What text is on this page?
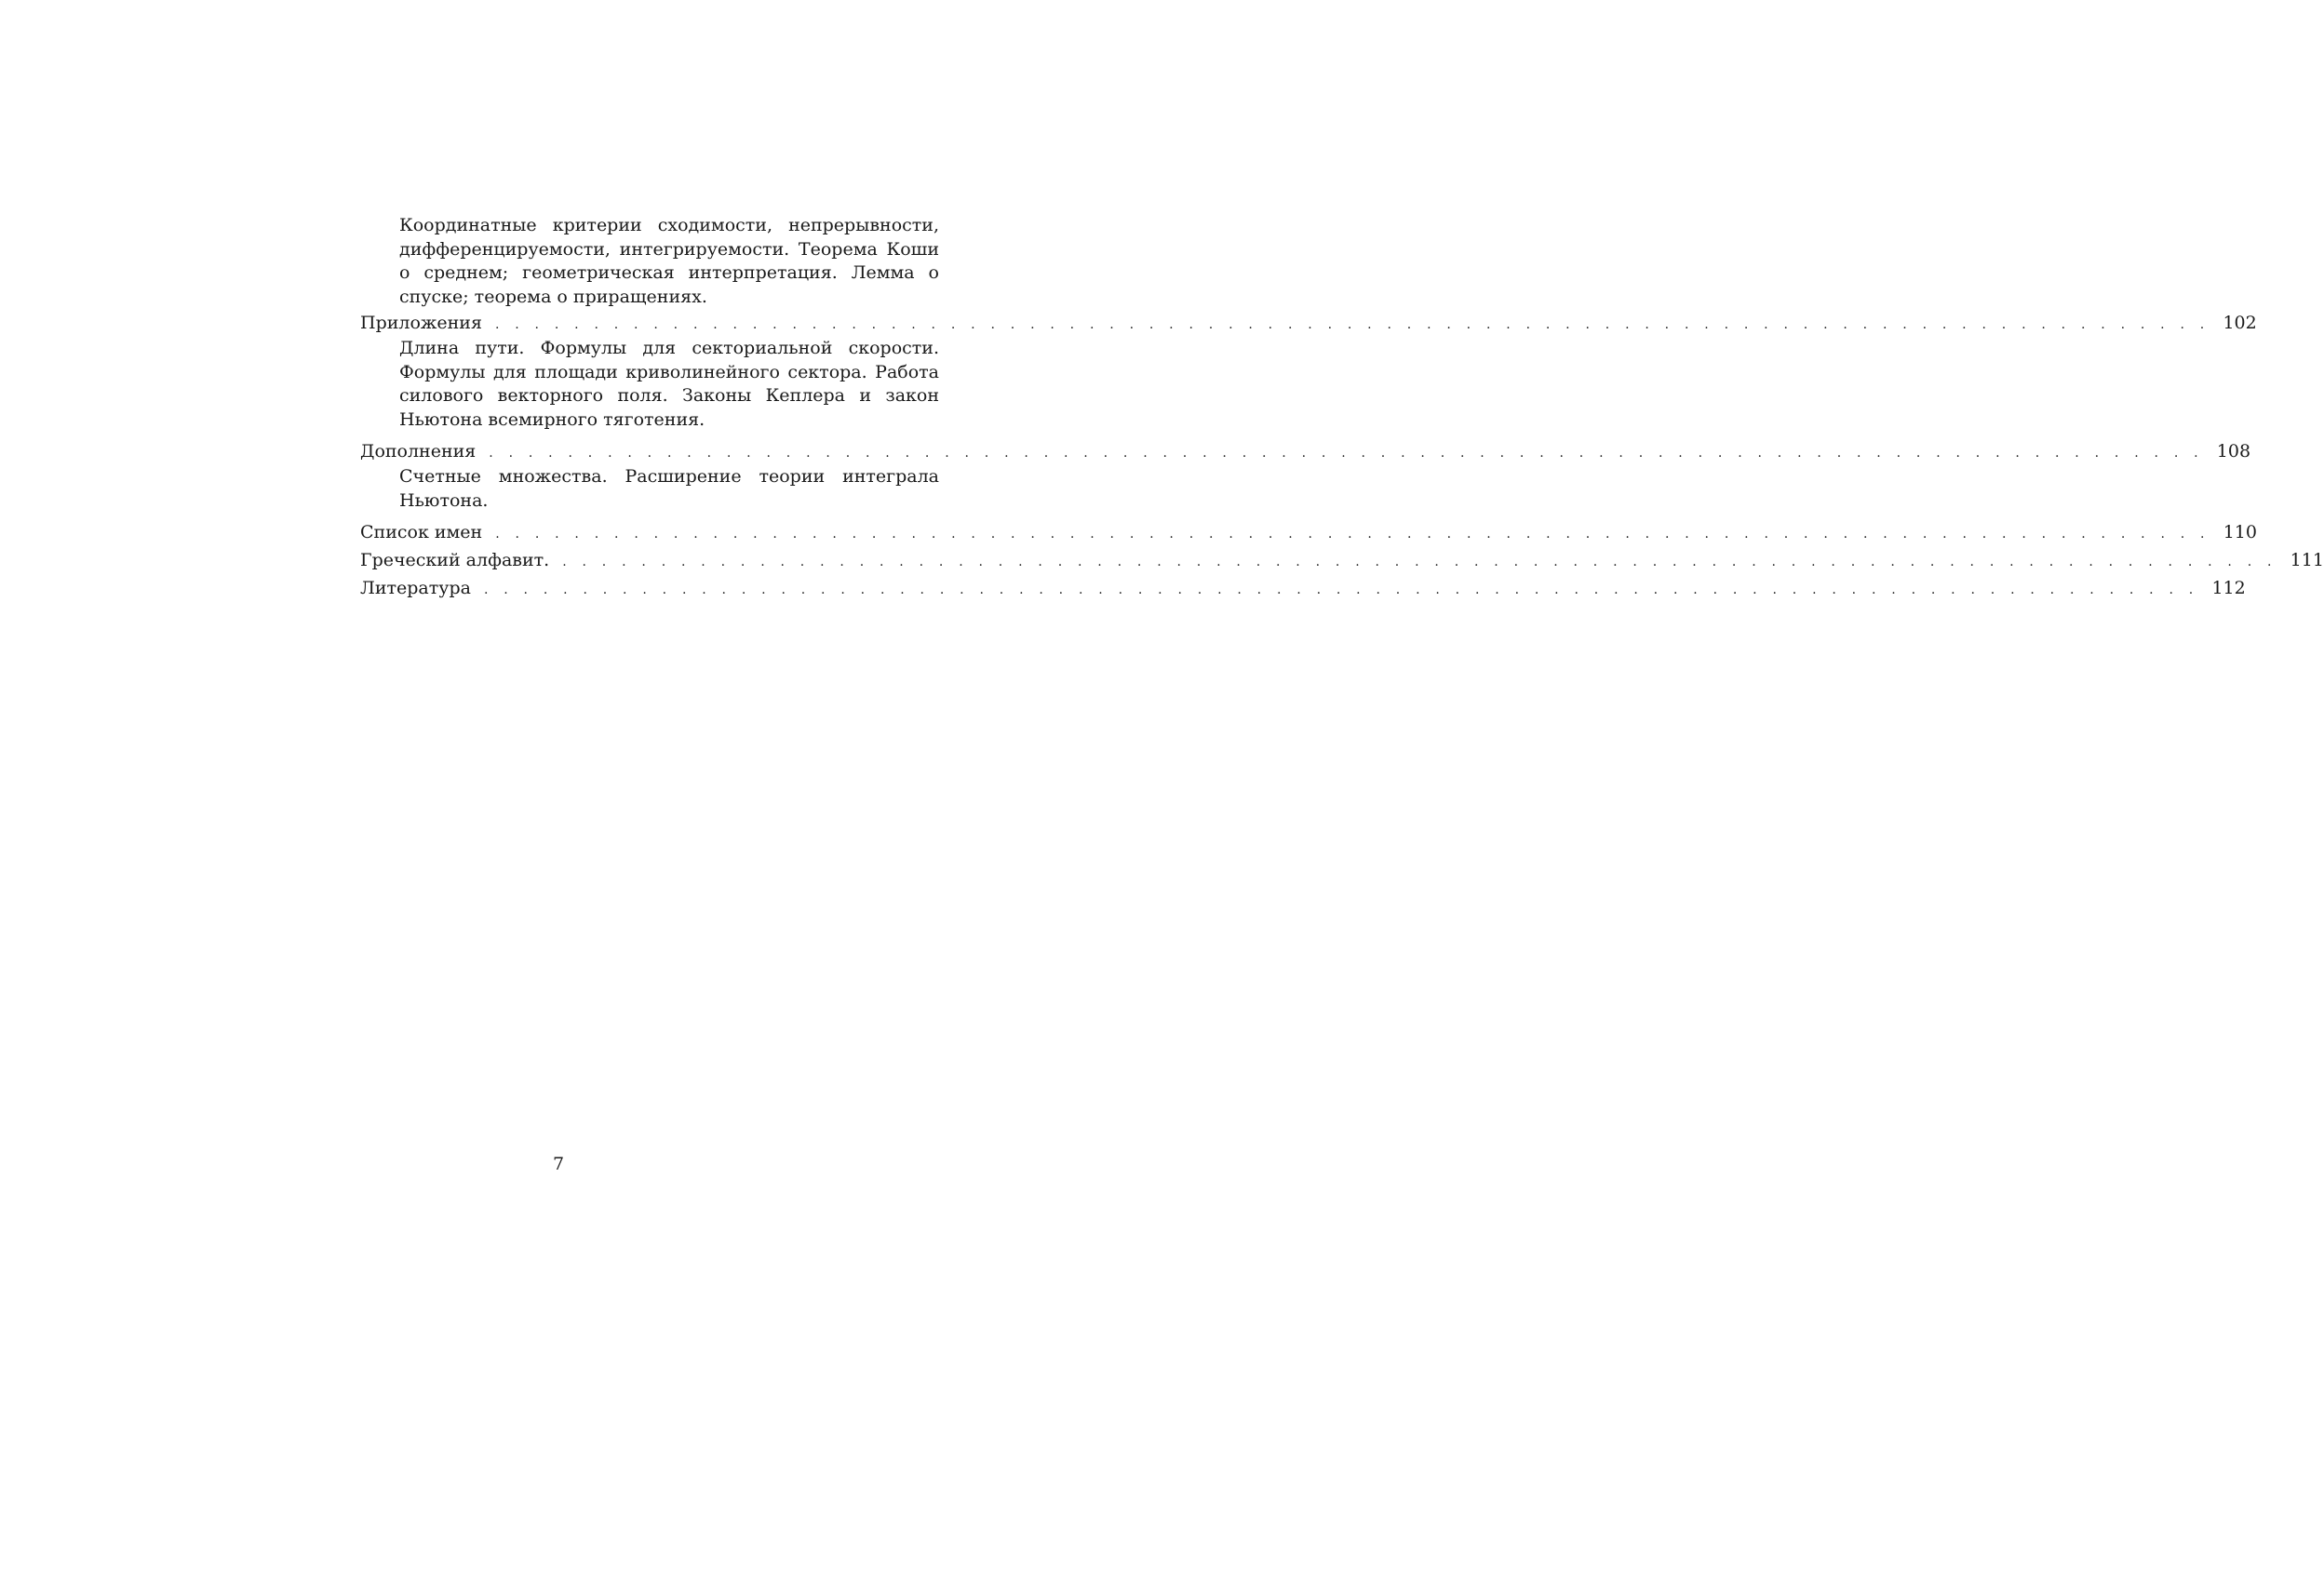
Координатные критерии сходимости, непрерывности, дифференцируемости, интегрируемости. Теорема Коши о среднем; геометрическая интерпретация. Лемма о спуске; теорема о приращениях.
Приложения	. . . . . . . . . . . . . . . . . . . . . . . . . . . . . . . . . . . . . . . . . . . . . . . . . . . . . . . . . . . . . . . . . . . . . . . . . . . . . . . . . . . . . . . 102
Длина пути. Формулы для секториальной скорости. Формулы для площади криволинейного сектора. Работа силового векторного поля. Законы Кеплера и закон Ньютона всемирного тяготения.
Дополнения	. . . . . . . . . . . . . . . . . . . . . . . . . . . . . . . . . . . . . . . . . . . . . . . . . . . . . . . . . . . . . . . . . . . . . . . . . . . . . . . . . . . . . . . 108
Счетные множества. Расширение теории интеграла Ньютона.
Список имен	. . . . . . . . . . . . . . . . . . . . . . . . . . . . . . . . . . . . . . . . . . . . . . . . . . . . . . . . . . . . . . . . . . . . . . . . . . . . . . . . . . . . . . . 110
Греческий алфавит.	. . . . . . . . . . . . . . . . . . . . . . . . . . . . . . . . . . . . . . . . . . . . . . . . . . . . . . . . . . . . . . . . . . . . . . . . . . . . . . . . . . . . . . . 111
Литература	. . . . . . . . . . . . . . . . . . . . . . . . . . . . . . . . . . . . . . . . . . . . . . . . . . . . . . . . . . . . . . . . . . . . . . . . . . . . . . . . . . . . . . . 112
7
